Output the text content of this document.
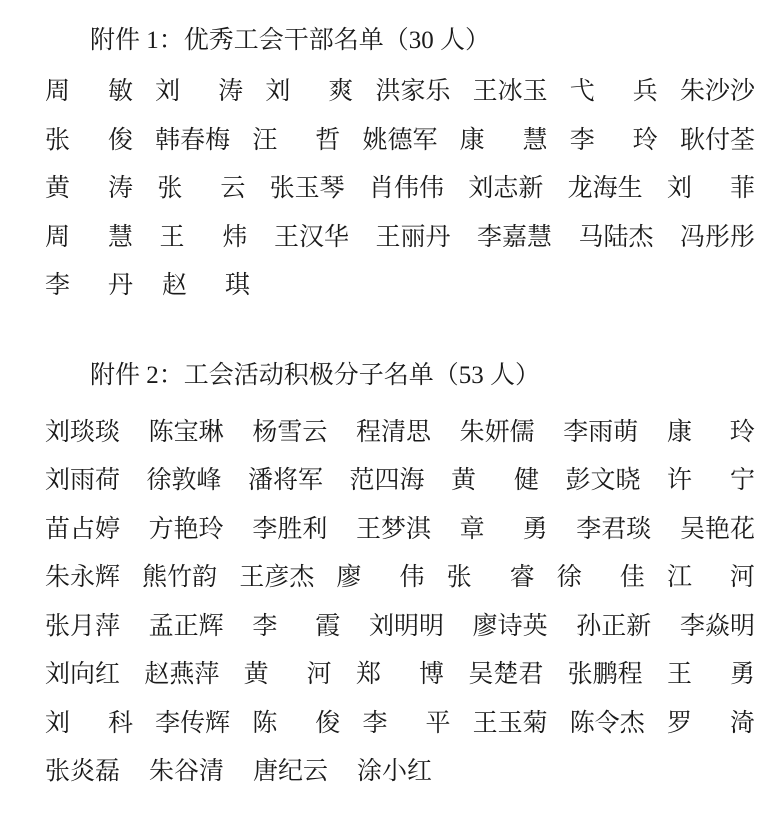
附件 1：优秀工会干部名单（30 人）
周 敏 刘 涛 刘 爽 洪家乐 王冰玉 弋 兵 朱沙沙
张 俊 韩春梅 汪 哲 姚德军 康 慧 李 玲 耿付荃
黄 涛 张 云 张玉琴 肖伟伟 刘志新 龙海生 刘 菲
周 慧 王 炜 王汉华 王丽丹 李嘉慧 马陆杰 冯彤彤
李 丹 赵 琪
附件 2：工会活动积极分子名单（53 人）
刘琰琰 陈宝琳 杨雪云 程清思 朱妍儒 李雨萌 康 玲
刘雨荷 徐敦峰 潘将军 范四海 黄 健 彭文晓 许 宁
苗占婷 方艳玲 李胜利 王梦淇 章 勇 李君琰 吴艳花
朱永辉 熊竹韵 王彦杰 廖 伟 张 睿 徐 佳 江 河
张月萍 孟正辉 李 霞 刘明明 廖诗英 孙正新 李焱明
刘向红 赵燕萍 黄 河 郑 博 吴楚君 张鹏程 王 勇
刘 科 李传辉 陈 俊 李 平 王玉菊 陈令杰 罗 渏
张炎磊 朱谷清 唐纪云 涂小红
